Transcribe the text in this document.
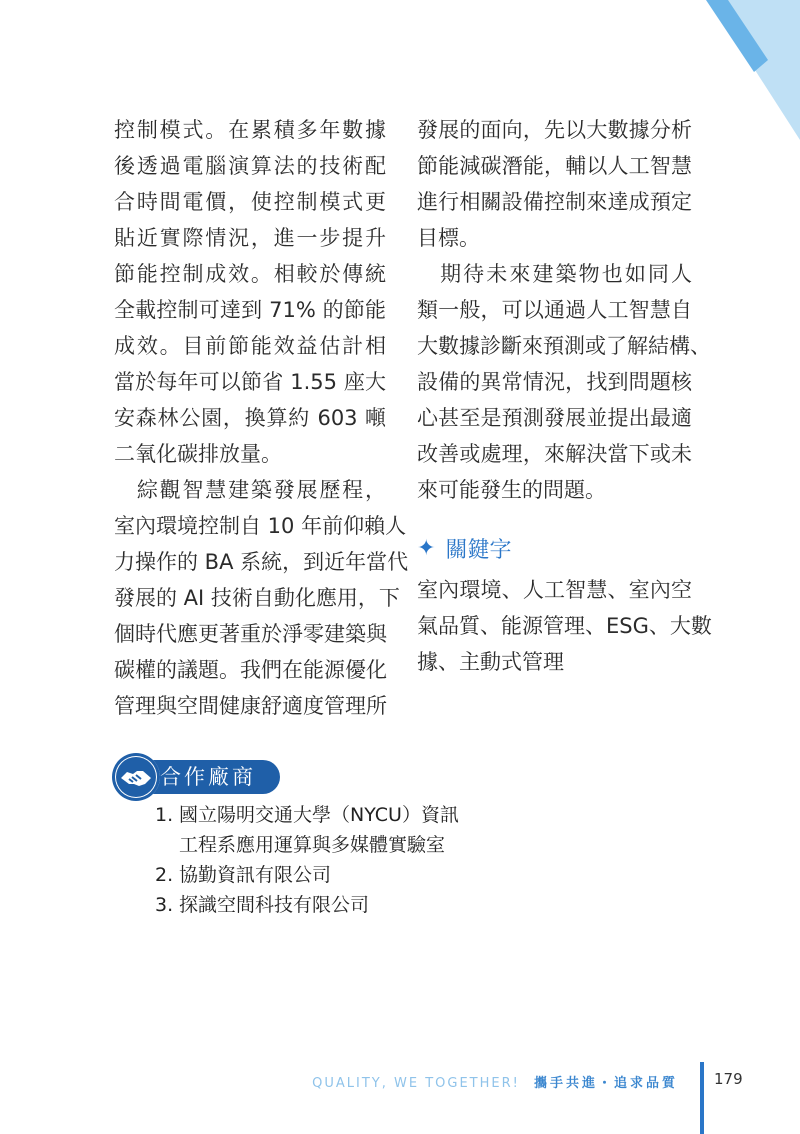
控制模式。在累積多年數據
後透過電腦演算法的技術配
合時間電價，使控制模式更
貼近實際情況，進一步提升
節能控制成效。相較於傳統
全載控制可達到 71% 的節能
成效。目前節能效益估計相
當於每年可以節省 1.55 座大
安森林公園，換算約 603 噸
二氧化碳排放量。

　綜觀智慧建築發展歷程，
室內環境控制自 10 年前仰賴人
力操作的 BA 系統，到近年當代
發展的 AI 技術自動化應用，下
個時代應更著重於淨零建築與
碳權的議題。我們在能源優化
管理與空間健康舒適度管理所

發展的面向，先以大數據分析
節能減碳潛能，輔以人工智慧
進行相關設備控制來達成預定
目標。

　期待未來建築物也如同人
類一般，可以通過人工智慧自
大數據診斷來預測或了解結構、
設備的異常情況，找到問題核
心甚至是預測發展並提出最適
改善或處理，來解決當下或未
來可能發生的問題。

✦ 關鍵字
室內環境、人工智慧、室內空
氣品質、能源管理、ESG、大數
據、主動式管理
合作廠商
1. 國立陽明交通大學（NYCU）資訊
工程系應用運算與多媒體實驗室
2. 協勤資訊有限公司
3. 探識空間科技有限公司
QUALITY, WE TOGETHER! 攜手共進・追求品質 179
